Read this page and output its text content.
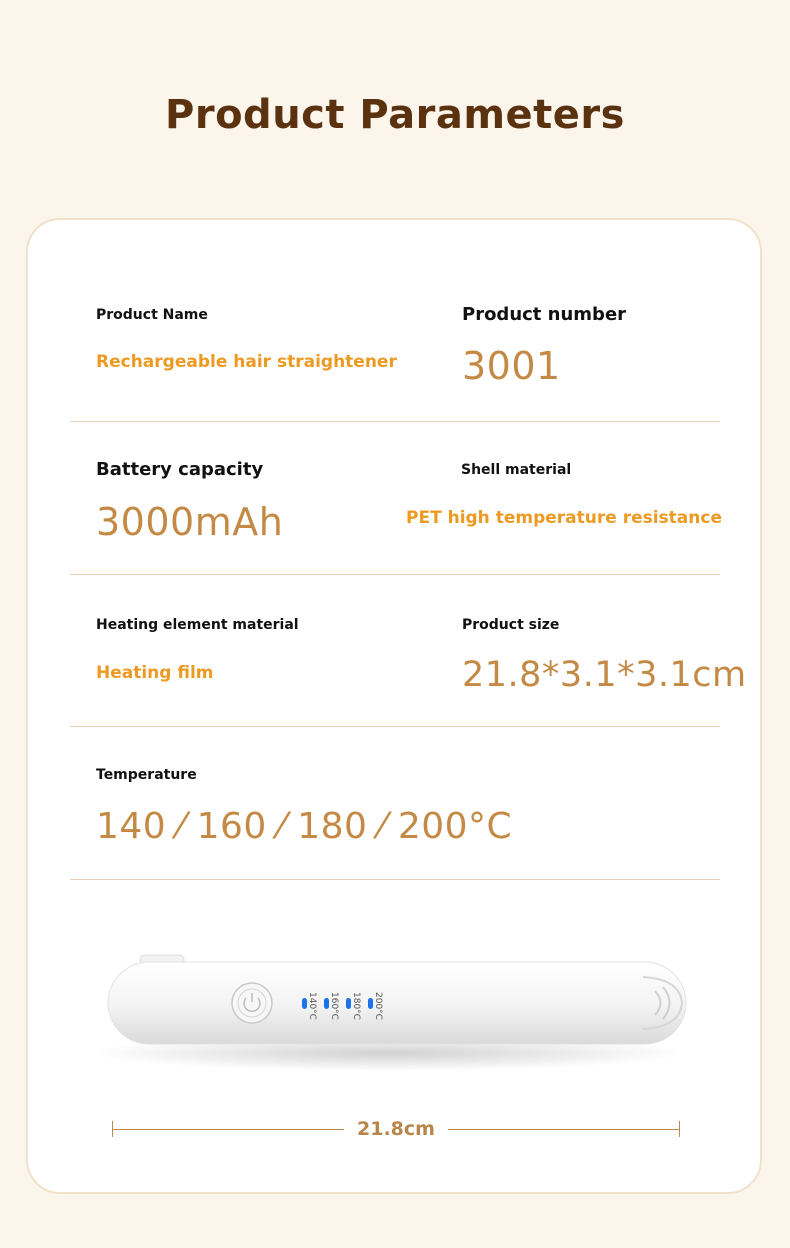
Product Parameters
Product Name
Rechargeable hair straightener
Product number
3001
Battery capacity
3000mAh
Shell material
PET high temperature resistance
Heating element material
Heating film
Product size
21.8*3.1*3.1cm
Temperature
140 ⁄ 160 ⁄ 180 ⁄ 200°C
140°C 160°C 180°C 200°C
21.8cm
